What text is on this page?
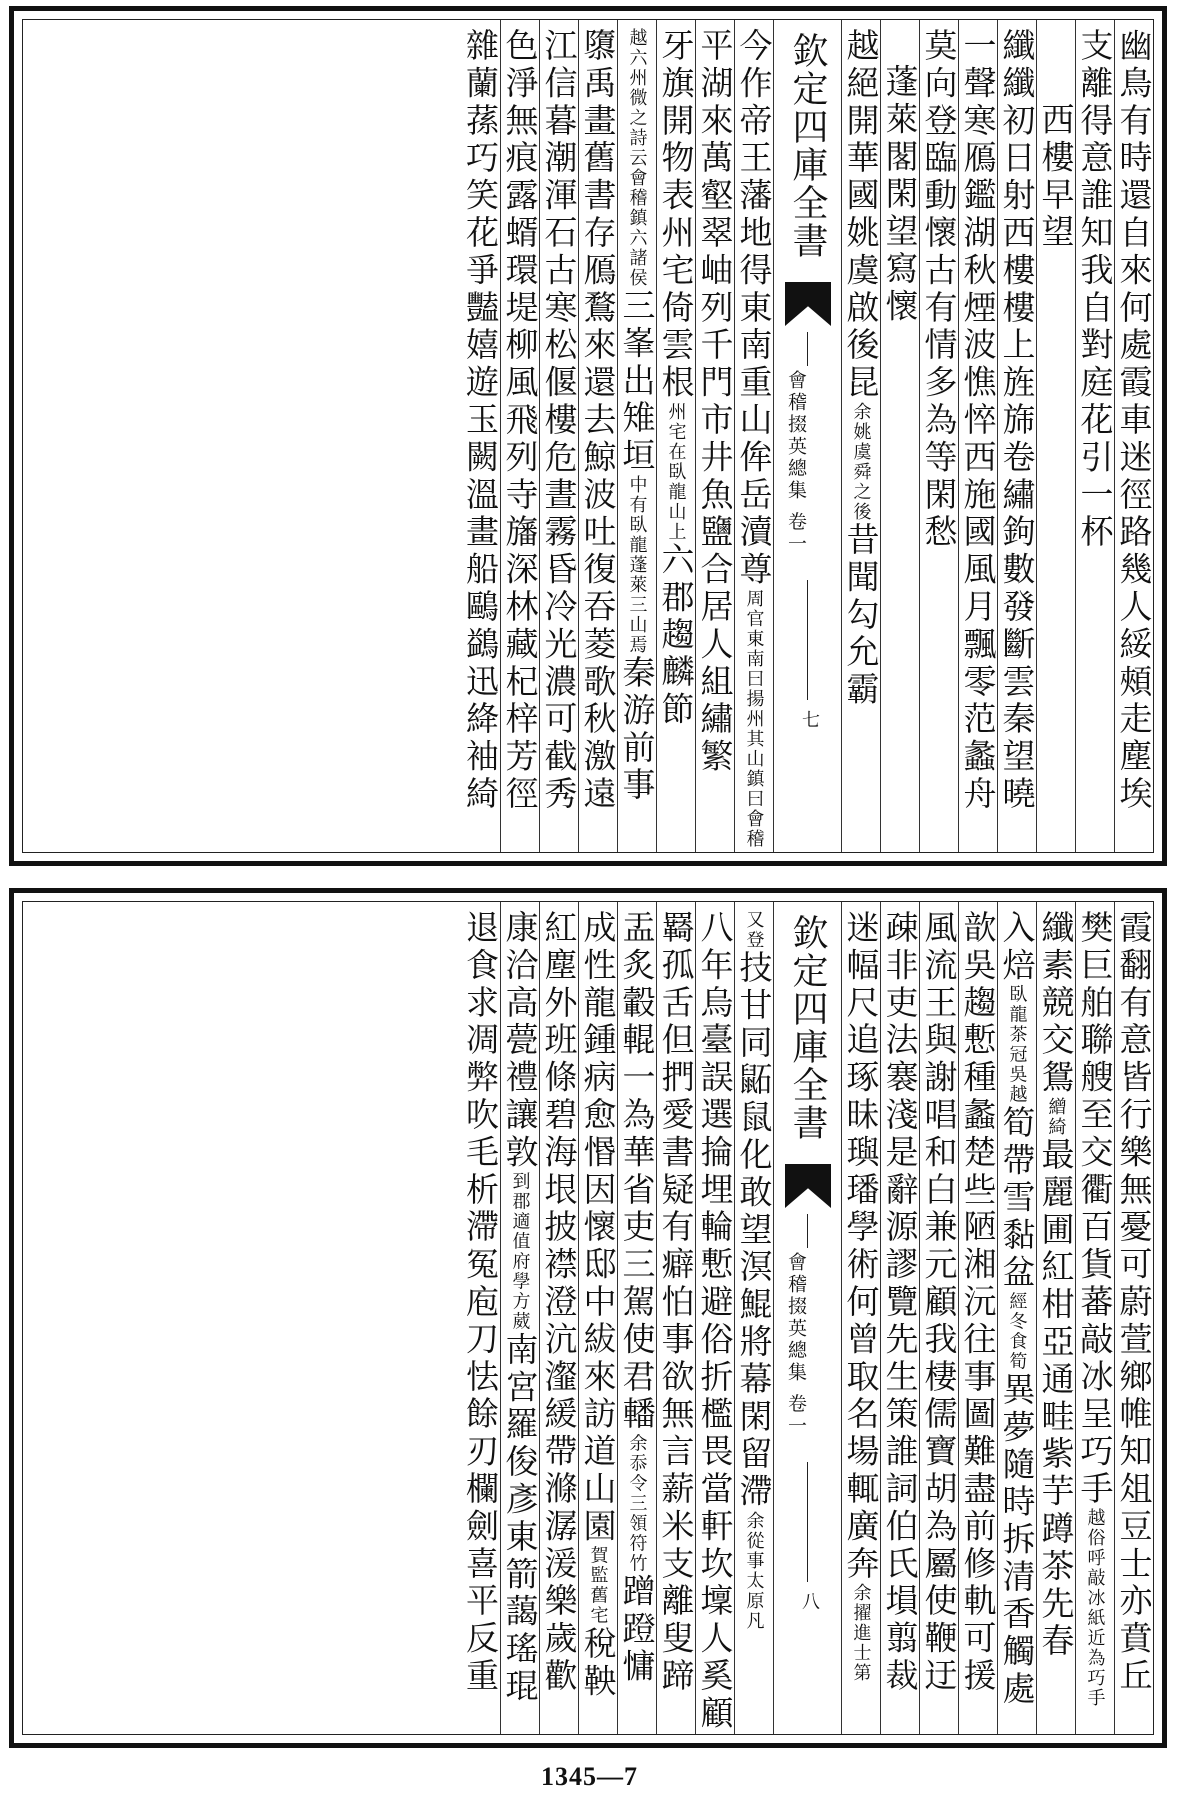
幽鳥有時還自來何處霞車迷徑路幾人綏頰走塵埃
支離得意誰知我自對庭花引一杯
西樓早望
纖纖初日射西樓樓上旌旆卷繡鉤數發斷雲秦望曉
一聲寒鴈鑑湖秋煙波憔悴西施國風月飄零范蠡舟
莫向登臨動懷古有情多為等閑愁
蓬萊閣閑望寫懷
越絕開華國姚虞啟後昆余姚虞舜之後昔聞勾允霸
欽定四庫全書
會稽掇英總集 卷一
七
今作帝王藩地得東南重山侔岳瀆尊周官東南曰揚州其山鎮曰會稽
平湖來萬壑翠岫列千門市井魚鹽合居人組繡繁
牙旗開物表州宅倚雲根州宅在臥龍山上六郡趨麟節
越六州微之詩云會稽鎮六諸侯三峯出雉垣中有臥龍蓬萊三山焉秦游前事
隳禹畫舊書存鴈鶩來還去鯨波吐復吞菱歌秋激遠
江信暮潮渾石古寒松偃樓危晝霧昏冷光濃可截秀
色淨無痕露蝑環堤柳風飛列寺旛深林藏杞梓芳徑
雜蘭蓀巧笑花爭豔嬉遊玉闕溫畫船鷗鷁迅絳袖綺
霞翻有意皆行樂無憂可蔚萱鄉帷知俎豆士亦賁丘
樊巨舶聯艘至交衢百貨蕃敲冰呈巧手越俗呼敲冰紙近為巧手
纖素競交鴛繒綺最麗圃紅柑亞通畦紫芋蹲茶先春
入焙臥龍茶冠吳越筍帶雪黏盆經冬食筍異夢隨時拆清香觸處
歆吳趨慙種蠡楚些陋湘沅往事圖難盡前修軌可援
風流王與謝唱和白兼元顧我棲儒寶胡為屬使鞭迂
疎非吏法褰淺是辭源謬覽先生策誰詞伯氏塤翦裁
迷幅尺追琢昧璵璠學術何曾取名場輒廣奔余擢進士第
欽定四庫全書
會稽掇英總集 卷一
八
又登技甘同鼫鼠化敢望溟鯤將幕閑留滯余從事太原凡
八年烏臺誤選掄埋輪慙避俗折檻畏當軒坎壈人奚顧
羇孤舌但捫愛書疑有癖怕事欲無言薪米支離叟蹄
盂炙轂輥一為華省吏三駕使君轓余忝令三領符竹蹭蹬慵
成性龍鍾病愈惽因懷邸中紱來訪道山園賀監舊宅稅鞅
紅塵外班條碧海垠披襟澄沆瀣緩帶滌潺湲樂歲歡
康洽高甍禮讓敦到郡適值府學方葳南宮羅俊彥東箭藹瑤琨
退食求凋弊吹毛析滯冤庖刀怯餘刃欄劍喜平反重
1345—7
